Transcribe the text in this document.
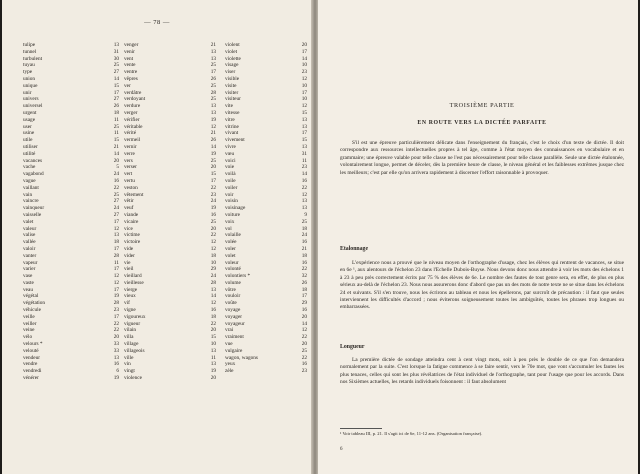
— 78 —
tulipe	13
tunnel	31
turbulent	30
tuyau	25
type	27
union	14
unique	15
unir	17
univers	27
universel	26
urgent	18
usage	11
user	25
usine	11
utile	15
utiliser	21
utilité	14
vacances	20
vache	5
vagabond	24
vague	16
vaillant	22
vain	25
vaincre	27
vainqueur	24
vaisselle	27
valet	17
valeur	12
valise	13
vallée	18
valoir	17
vanter	28
vapeur	11
varier	17
vase	12
vaste	12
veau	17
végétal	19
végétation	28
véhicule	23
veille	17
veiller	22
veine	22
vélo	20
velours *	33
velouté	33
vendeur	13
vendre	16
vendredi	6
vénérer	19
venger	21
venir	13
vent	13
vente	25
ventre	17
vêpres	26
ver	25
verdâtre	28
verdoyant	25
verdure	13
verger	13
vérifier	19
véritable	12
vérité	21
vermeil	26
vernir	14
verre	19
vers	25
verser	20
vert	15
vertu	17
veston	22
vêtement	23
vêtir	24
veuf	19
viande	16
vicaire	25
vice	20
victime	22
victoire	12
vide	12
vider	18
vie	10
vieil	29
vieillard	24
vieillesse	28
vierge	13
vieux	14
vif	12
vigne	16
vigoureux	18
vigueur	22
vilain	20
villa	15
village	10
villageois	13
ville	11
vin	13
vingt	19
violence	20
violent	20
violet	17
violette	14
visage	10
viser	23
visible	12
visite	10
visiter	17
visiteur	10
vite	12
vitesse	15
vitre	13
vitrine	13
vivant	17
vivement	15
vivre	13
vœu	31
voici	11
voie	23
voilà	14
voile	16
voiler	22
voir	12
voisin	13
voisinage	13
voiture	9
voix	25
vol	18
volaille	24
volée	16
voler	21
volet	18
voleur	16
volonté	22
volontiers *	32
volume	26
vôtre	18
vouloir	17
voûte	29
voyage	16
voyager	20
voyageur	14
vrai	12
vraiment	22
vue	20
vulgaire	25
wagon, wagons	22
yeux	16
zèle	23
TROISIÈME PARTIE
EN ROUTE VERS LA DICTÉE PARFAITE
S'il est une épreuve particulièrement délicate dans l'enseignement du français, c'est le choix d'un texte de dictée. Il doit correspondre aux ressources intellectuelles propres à tel âge, comme à l'état moyen des connaissances en vocabulaire et en grammaire; une épreuve valable pour telle classe ne l'est pas nécessairement pour telle classe parallèle. Seule une dictée étalonnée, volontairement longue, permet de déceler, dès la première heure de classe, le niveau général et les faiblesses extrêmes jusque chez les meilleurs; c'est par elle qu'on arrivera rapidement à discerner l'effort raisonnable à provoquer.
Etalonnage
L'expérience nous a prouvé que le niveau moyen de l'orthographe d'usage, chez les élèves qui rentrent de vacances, se situe en 6e ¹, aux alentours de l'échelon 23 dans l'Echelle Dubois-Buyse. Nous devons donc nous attendre à voir les mots des échelons 1 à 23 à peu près correctement écrits par 75 % des élèves de 6e. Le nombre des fautes de tout genre sera, en effet, de plus en plus sérieux au-delà de l'échelon 23. Nous nous assurerons donc d'abord que pas un des mots de notre texte ne se situe dans les échelons 24 et suivants. S'il s'en trouve, nous les écrirons au tableau et nous les épellerons, par surcroît de précaution : il faut que seules interviennent les difficultés d'accord ; nous éviterons soigneusement toutes les ambiguïtés, toutes les phrases trop longues ou embarrassées.
Longueur
La première dictée de sondage atteindra cent à cent vingt mots, soit à peu près le double de ce que l'on demandera normalement par la suite. C'est lorsque la fatigue commence à se faire sentir, vers le 70e mot, que vont s'accumuler les fautes les plus tenaces, celles qui sont les plus révélatrices de l'état individuel de l'orthographe, tant pour l'usage que pour les accords. Dans nos Sixièmes actuelles, les retards individuels foisonnent : il faut absolument
¹ Voir tableau III, p. 21. Il s'agit ici de 6e, 11-12 ans. (Organisation française).
6
